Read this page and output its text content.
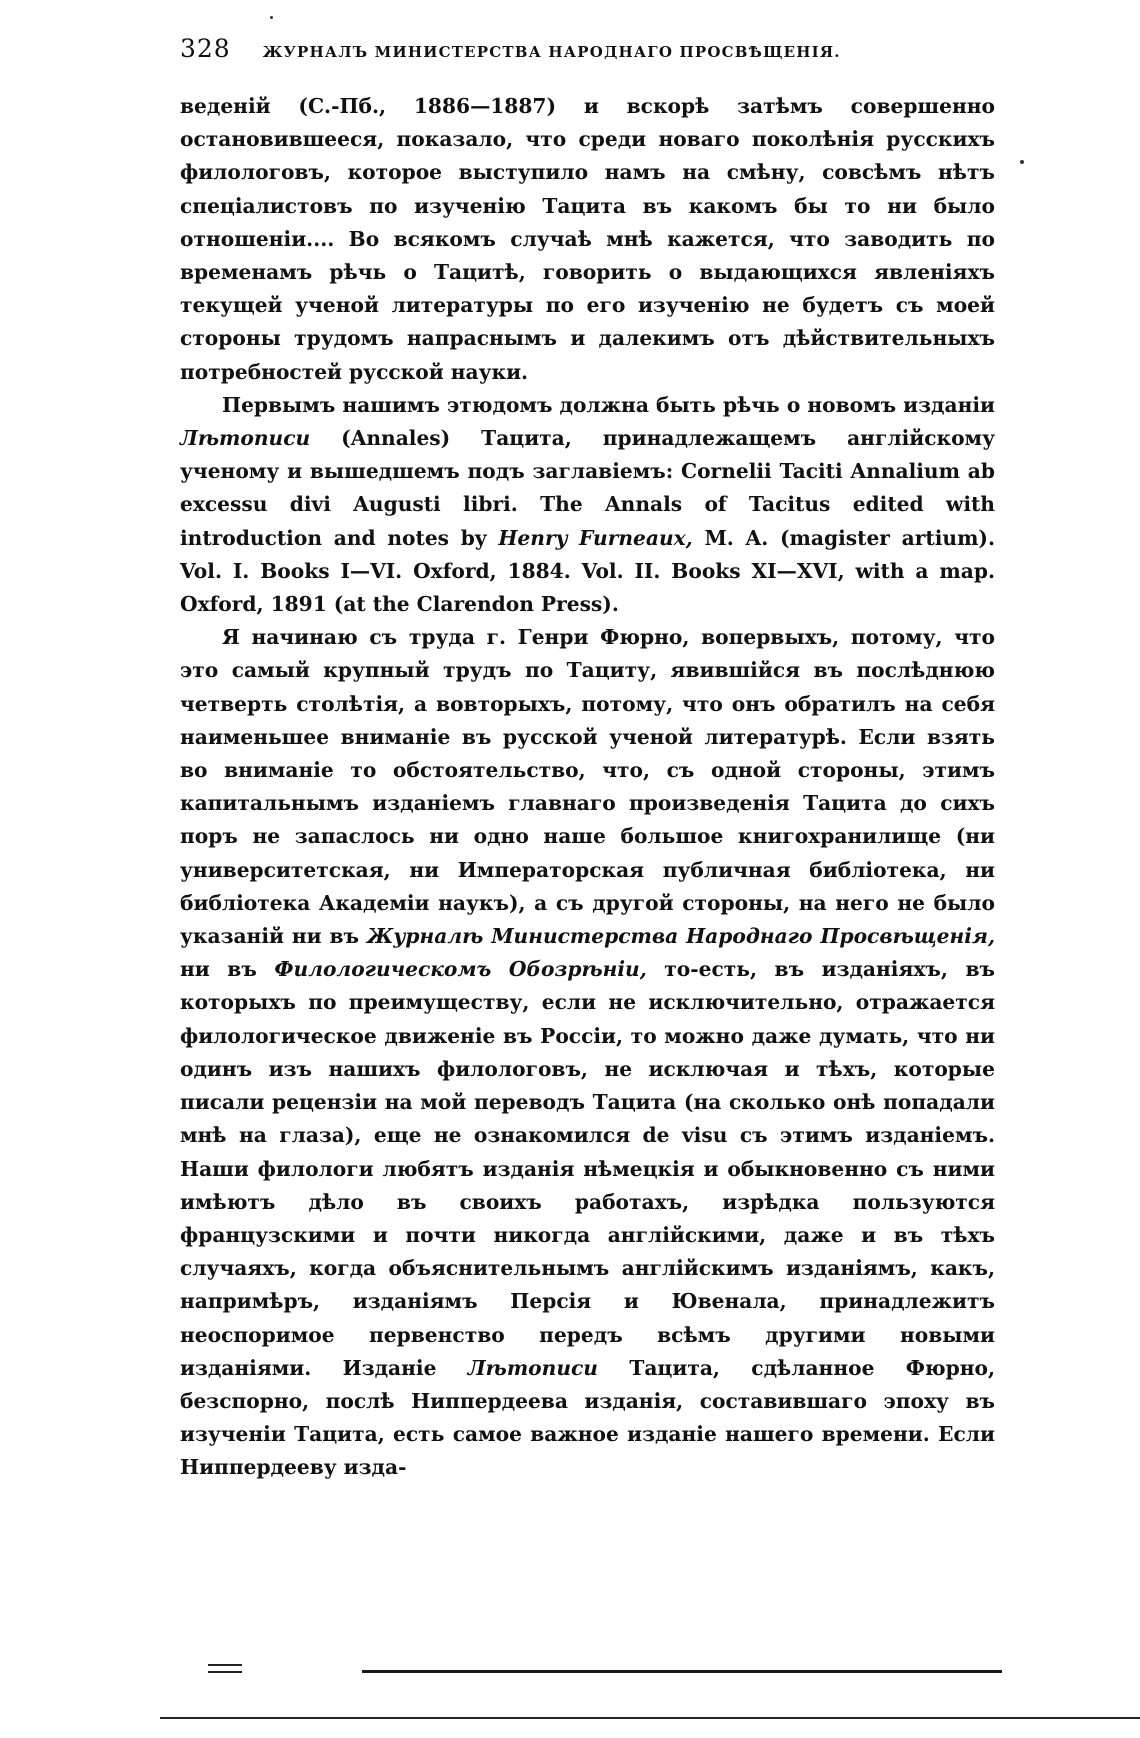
328 ЖУРНАЛЪ МИНИСТЕРСТВА НАРОДНАГО ПРОСВѢЩЕНІЯ.

веденій (С.-Пб., 1886—1887) и вскорѣ затѣмъ совершенно остановившееся, показало, что среди новаго поколѣнія русскихъ филологовъ, которое выступило намъ на смѣну, совсѣмъ нѣтъ спеціалистовъ по изученію Тацита въ какомъ бы то ни было отношеніи.... Во всякомъ случаѣ мнѣ кажется, что заводить по временамъ рѣчь о Тацитѣ, говорить о выдающихся явленіяхъ текущей ученой литературы по его изученію не будетъ съ моей стороны трудомъ напраснымъ и далекимъ отъ дѣйствительныхъ потребностей русской науки.

Первымъ нашимъ этюдомъ должна быть рѣчь о новомъ изданіи Лѣтописи (Annales) Тацита, принадлежащемъ англійскому ученому и вышедшемъ подъ заглавіемъ: Cornelii Taciti Annalium ab excessu divi Augusti libri. The Annals of Tacitus edited with introduction and notes by Henry Furneaux, M. A. (magister artium). Vol. I. Books I—VI. Oxford, 1884. Vol. II. Books XI—XVI, with a map. Oxford, 1891 (at the Clarendon Press).

Я начинаю съ труда г. Генри Фюрно, вопервыхъ, потому, что это самый крупный трудъ по Тациту, явившійся въ послѣднюю четверть столѣтія, а вовторыхъ, потому, что онъ обратилъ на себя наименьшее вниманіе въ русской ученой литературѣ. Если взять во вниманіе то обстоятельство, что, съ одной стороны, этимъ капитальнымъ изданіемъ главнаго произведенія Тацита до сихъ поръ не запаслось ни одно наше большое книгохранилище (ни университетская, ни Императорская публичная библіотека, ни библіотека Академіи наукъ), а съ другой стороны, на него не было указаній ни въ Журналѣ Министерства Народнаго Просвѣщенія, ни въ Филологическомъ Обозрѣніи, то-есть, въ изданіяхъ, въ которыхъ по преимуществу, если не исключительно, отражается филологическое движеніе въ Россіи, то можно даже думать, что ни одинъ изъ нашихъ филологовъ, не исключая и тѣхъ, которые писали рецензіи на мой переводъ Тацита (на сколько онѣ попадали мнѣ на глаза), еще не ознакомился de visu съ этимъ изданіемъ. Наши филологи любятъ изданія нѣмецкія и обыкновенно съ ними имѣютъ дѣло въ своихъ работахъ, изрѣдка пользуются французскими и почти никогда англійскими, даже и въ тѣхъ случаяхъ, когда объяснительнымъ англійскимъ изданіямъ, какъ, напримѣръ, изданіямъ Персія и Ювенала, принадлежитъ неоспоримое первенство передъ всѣмъ другими новыми изданіями. Изданіе Лѣтописи Тацита, сдѣланное Фюрно, безспорно, послѣ Ниппердеева изданія, составившаго эпоху въ изученіи Тацита, есть самое важное изданіе нашего времени. Если Ниппердееву изда-
